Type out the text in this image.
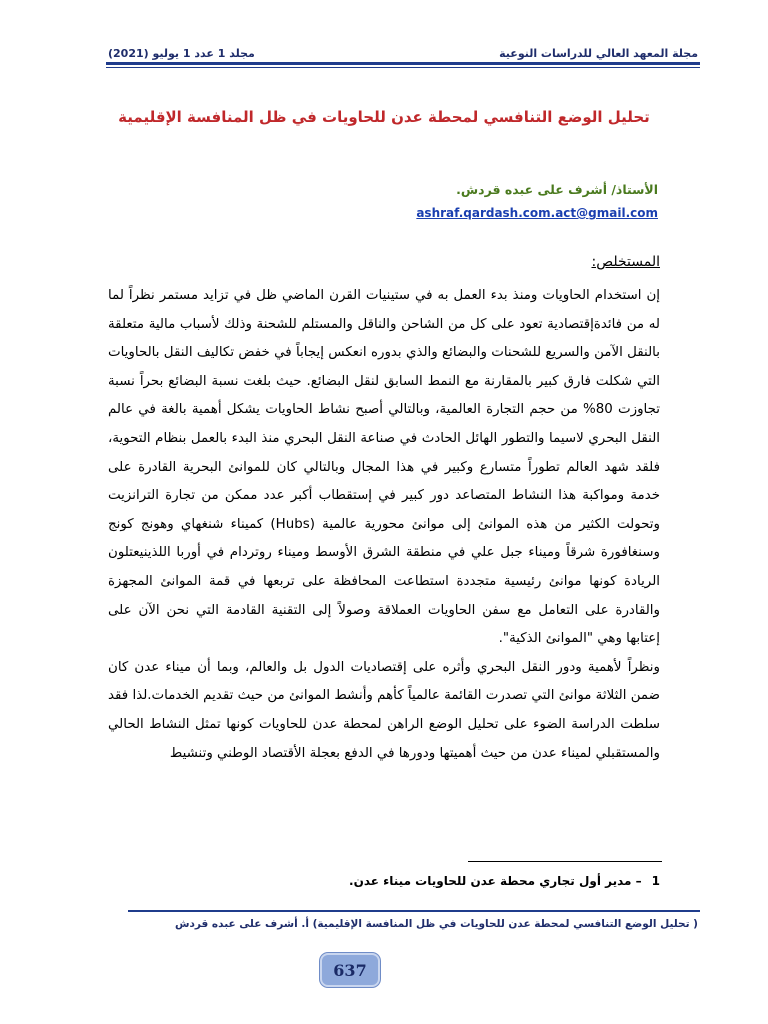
مجلد 1 عدد 1 يوليو (2021)	مجلة المعهد العالي للدراسات النوعية
تحليل الوضع التنافسي لمحطة عدن للحاويات في ظل المنافسة الإقليمية
الأستاذ/ أشرف على عبده قردش.
ashraf.qardash.com.act@gmail.com
المستخلص:

إن استخدام الحاويات ومنذ بدء العمل به في ستينيات القرن الماضي ظل في تزايد مستمر نظراً لما له من فائدةإقتصادية تعود على كل من الشاحن والناقل والمستلم للشحنة وذلك لأسباب مالية متعلقة بالنقل الآمن والسريع للشحنات والبضائع والذي بدوره انعكس إيجاباً في خفض تكاليف النقل بالحاويات التي شكلت فارق كبير بالمقارنة مع النمط السابق لنقل البضائع. حيث بلغت نسبة البضائع بحراً نسبة تجاوزت 80% من حجم التجارة العالمية، وبالتالي أصبح نشاط الحاويات يشكل أهمية بالغة في عالم النقل البحري لاسيما والتطور الهائل الحادث في صناعة النقل البحري منذ البدء بالعمل بنظام التحوية، فلقد شهد العالم تطوراً متسارع وكبير في هذا المجال وبالتالي كان للموانئ البحرية القادرة على خدمة ومواكبة هذا النشاط المتصاعد دور كبير في إستقطاب أكبر عدد ممكن من تجارة الترانزيت وتحولت الكثير من هذه الموانئ إلى موانئ محورية عالمية (Hubs) كميناء شنغهاي وهونج كونج وسنغافورة شرقاً وميناء جبل علي في منطقة الشرق الأوسط وميناء روتردام في أوربا اللذينيعتلون الريادة كونها موانئ رئيسية متجددة استطاعت المحافظة على تربعها في قمة الموانئ المجهزة والقادرة على التعامل مع سفن الحاويات العملاقة وصولاً إلى التقنية القادمة التي نحن الآن على إعتابها وهي "الموانئ الذكية".

ونظراً لأهمية ودور النقل البحري وأثره على إقتصاديات الدول بل والعالم، وبما أن ميناء عدن كان ضمن الثلاثة موانئ التي تصدرت القائمة عالمياً كأهم وأنشط الموانئ من حيث تقديم الخدمات.لذا فقد سلطت الدراسة الضوء على تحليل الوضع الراهن لمحطة عدن للحاويات كونها تمثل النشاط الحالي والمستقبلي لميناء عدن من حيث أهميتها ودورها في الدفع بعجلة الأقتصاد الوطني وتنشيط

1– مدير أول تجاري محطة عدن للحاويات ميناء عدن.
( تحليل الوضع التنافسي لمحطة عدن للحاويات في ظل المنافسة الإقليمية) أ. أشرف على عبده قردش
637
